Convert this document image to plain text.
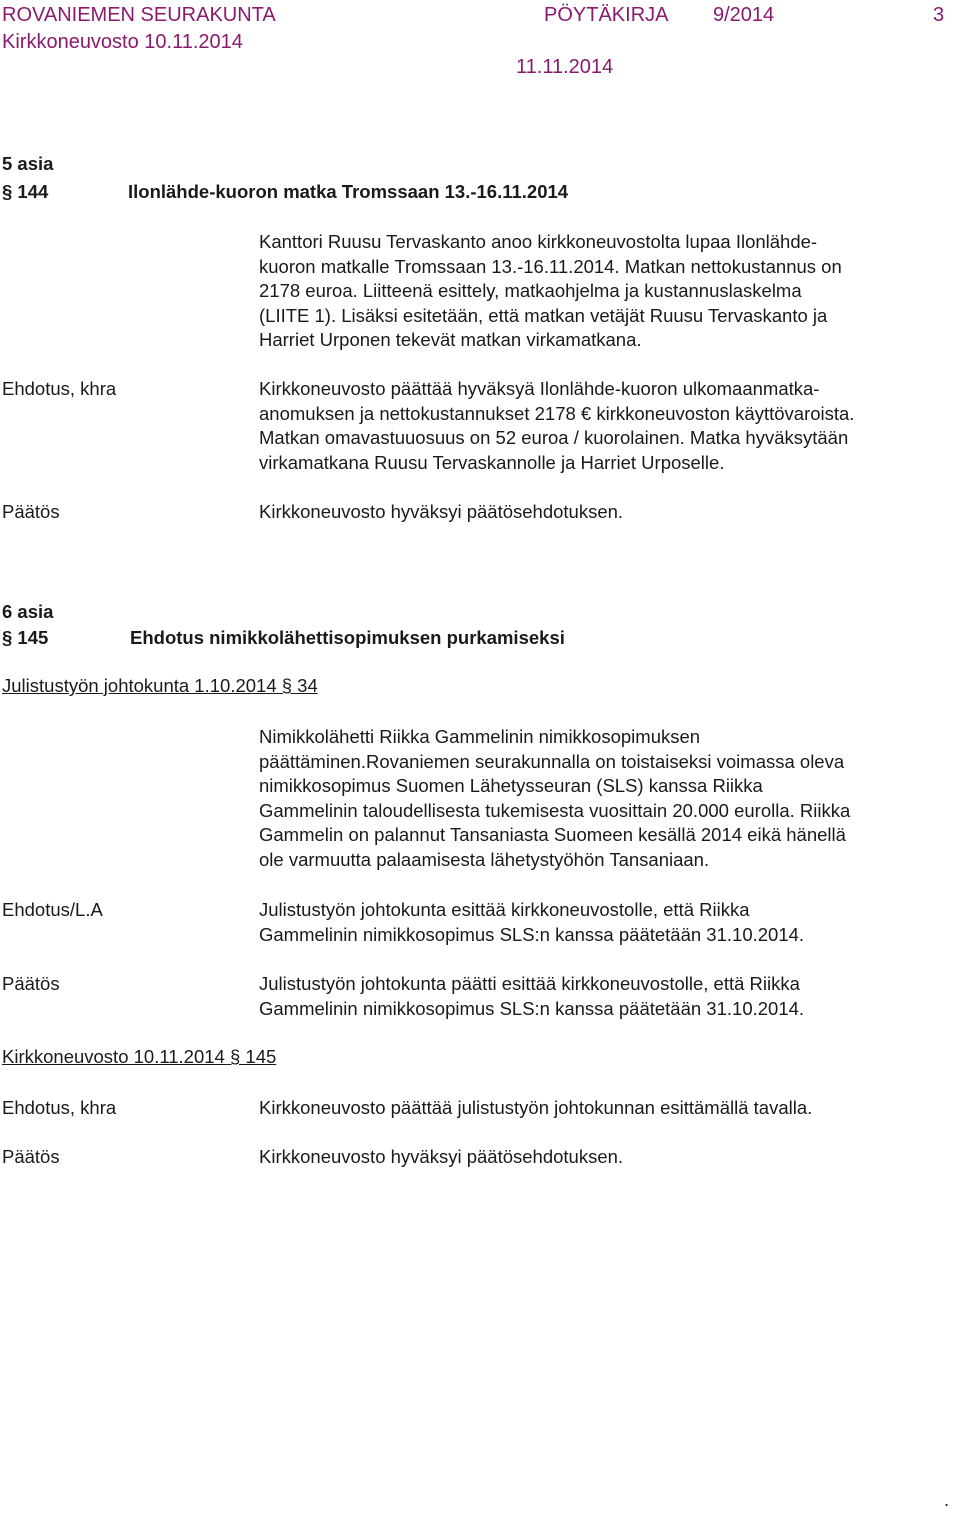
ROVANIEMEN SEURAKUNTA	PÖYTÄKIRJA 9/2014	3
Kirkkoneuvosto 10.11.2014
11.11.2014
5 asia
§ 144	Ilonlähde-kuoron matka Tromssaan 13.-16.11.2014
Kanttori Ruusu Tervaskanto anoo kirkkoneuvostolta lupaa Ilonlähde-
kuoron matkalle Tromssaan 13.-16.11.2014. Matkan nettokustannus on
2178 euroa. Liitteenä esittely, matkaohjelma ja kustannuslaskelma
(LIITE 1). Lisäksi esitetään, että matkan vetäjät Ruusu Tervaskanto ja
Harriet Urponen tekevät matkan virkamatkana.
Ehdotus, khra	Kirkkoneuvosto päättää hyväksyä Ilonlähde-kuoron ulkomaanmatka-
anomuksen ja nettokustannukset 2178 € kirkkoneuvoston käyttövaroista.
Matkan omavastuuosuus on 52 euroa / kuorolainen. Matka hyväksytään
virkamatkana Ruusu Tervaskannolle ja Harriet Urposelle.
Päätös	Kirkkoneuvosto hyväksyi päätösehdotuksen.
6 asia
§ 145	Ehdotus nimikkolähettisopimuksen purkamiseksi
Julistustyön johtokunta 1.10.2014 § 34
Nimikkolähetti Riikka Gammelinin nimikkosopimuksen
päättäminen.Rovaniemen seurakunnalla on toistaiseksi voimassa oleva
nimikkosopimus Suomen Lähetysseuran (SLS) kanssa Riikka
Gammelinin taloudellisesta tukemisesta vuosittain 20.000 eurolla. Riikka
Gammelin on palannut Tansaniasta Suomeen kesällä 2014 eikä hänellä
ole varmuutta palaamisesta lähetystyöhön Tansaniaan.
Ehdotus/L.A	Julistustyön johtokunta esittää kirkkoneuvostolle, että Riikka
Gammelinin nimikkosopimus SLS:n kanssa päätetään 31.10.2014.
Päätös	Julistustyön johtokunta päätti esittää kirkkoneuvostolle, että Riikka
Gammelinin nimikkosopimus SLS:n kanssa päätetään 31.10.2014.
Kirkkoneuvosto 10.11.2014 § 145
Ehdotus, khra	Kirkkoneuvosto päättää julistustyön johtokunnan esittämällä tavalla.
Päätös	Kirkkoneuvosto hyväksyi päätösehdotuksen.
.
